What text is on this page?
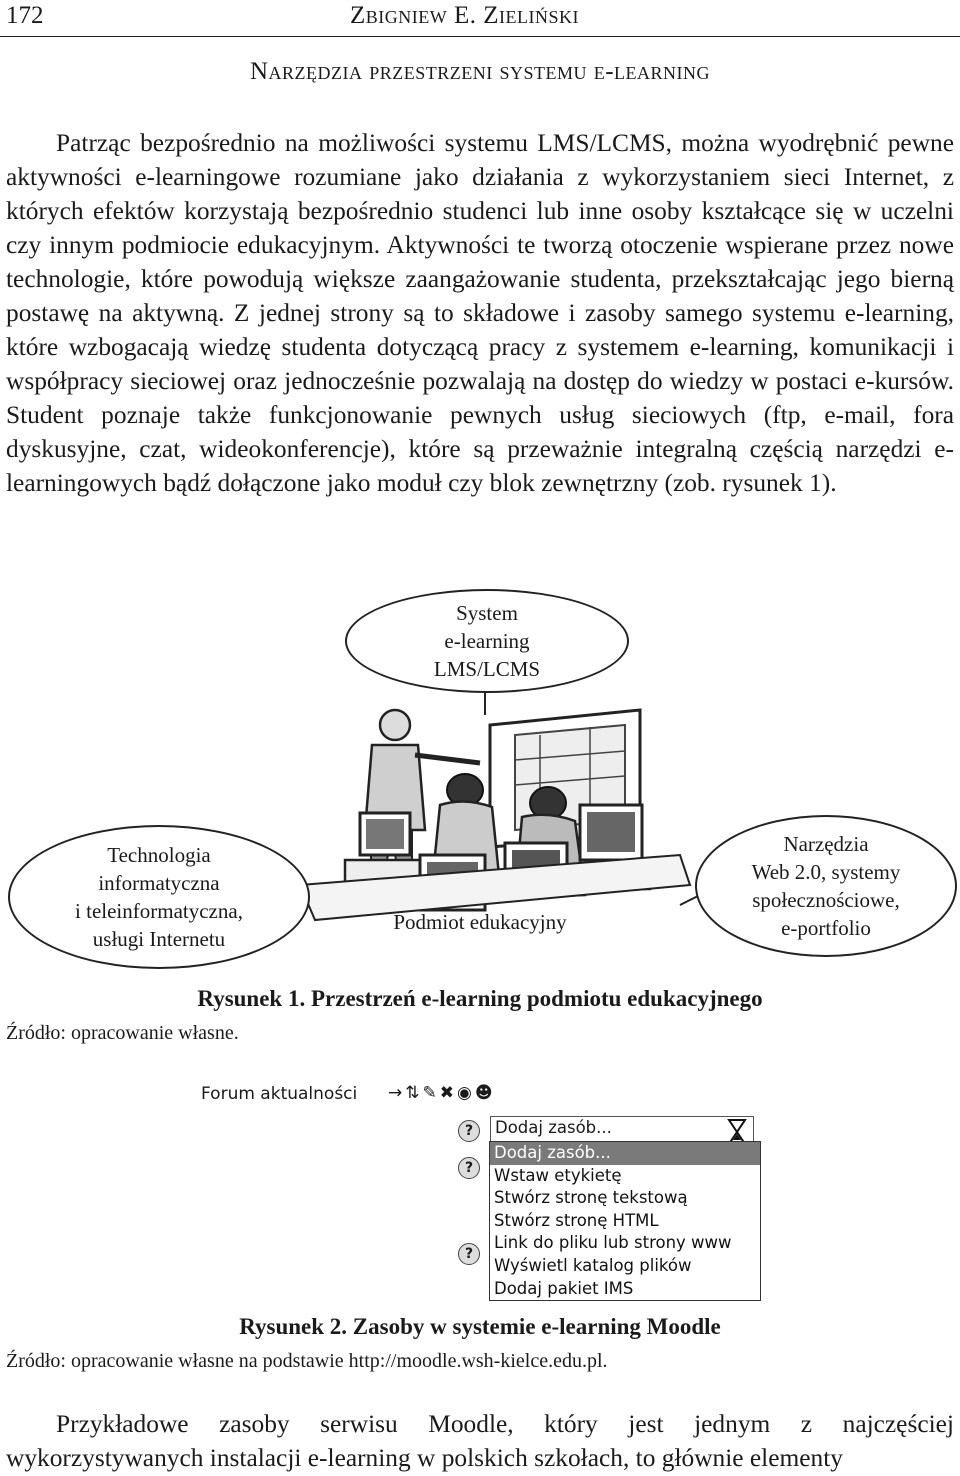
172	Zbigniew E. Zieliński
Narzędzia przestrzeni systemu e-learning

Patrząc bezpośrednio na możliwości systemu LMS/LCMS, można wyodrębnić pewne aktywności e-learningowe rozumiane jako działania z wykorzystaniem sieci Internet, z których efektów korzystają bezpośrednio studenci lub inne osoby kształcące się w uczelni czy innym podmiocie edukacyjnym. Aktywności te tworzą otoczenie wspierane przez nowe technologie, które powodują większe zaangażowanie studenta, przekształcając jego bierną postawę na aktywną. Z jednej strony są to składowe i zasoby samego systemu e-learning, które wzbogacają wiedzę studenta dotyczącą pracy z systemem e-learning, komunikacji i współpracy sieciowej oraz jednocześnie pozwalają na dostęp do wiedzy w postaci e-kursów. Student poznaje także funkcjonowanie pewnych usług sieciowych (ftp, e-mail, fora dyskusyjne, czat, wideokonferencje), które są przeważnie integralną częścią narzędzi e-learningowych bądź dołączone jako moduł czy blok zewnętrzny (zob. rysunek 1).

System
e-learning
LMS/LCMS
Technologia
informatyczna
i teleinformatyczna,
usługi Internetu
Narzędzia
Web 2.0, systemy
społecznościowe,
e-portfolio
Podmiot edukacyjny
Rysunek 1. Przestrzeń e-learning podmiotu edukacyjnego
Źródło: opracowanie własne.
Forum aktualności →⇅✎✖◉☻
?
?
?
Dodaj zasób...
Dodaj zasób...
Wstaw etykietę
Stwórz stronę tekstową
Stwórz stronę HTML
Link do pliku lub strony www
Wyświetl katalog plików
Dodaj pakiet IMS
Rysunek 2. Zasoby w systemie e-learning Moodle
Źródło: opracowanie własne na podstawie http://moodle.wsh-kielce.edu.pl.

Przykładowe zasoby serwisu Moodle, który jest jednym z najczęściej wykorzystywanych instalacji e-learning w polskich szkołach, to głównie elementy
